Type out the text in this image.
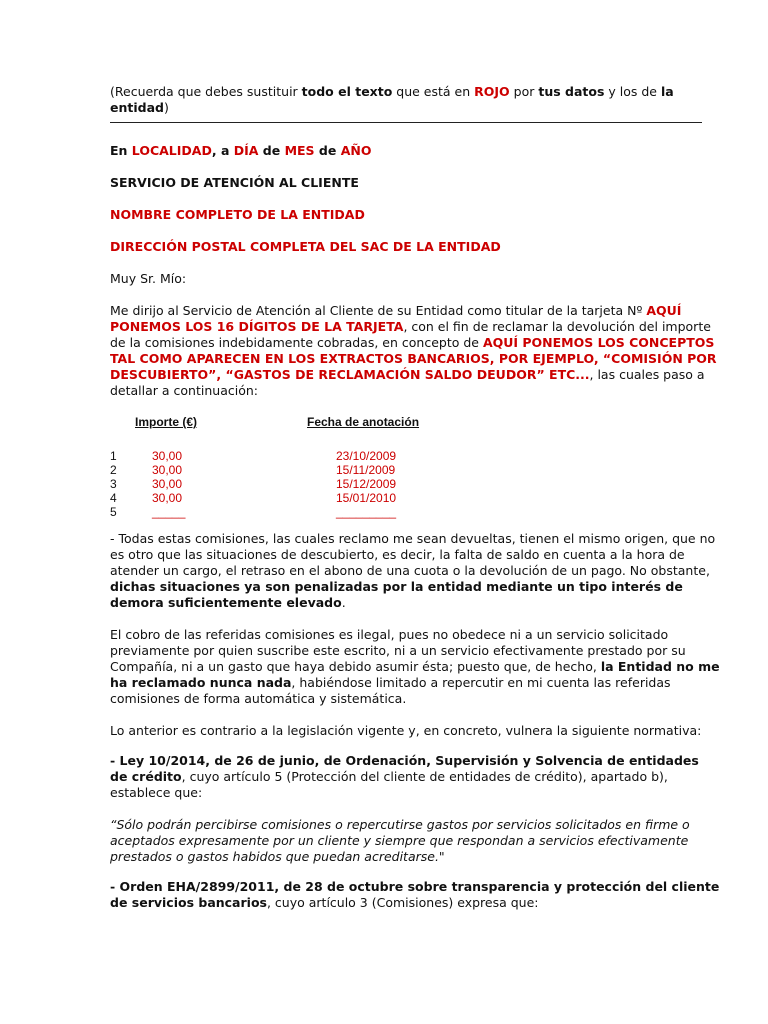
(Recuerda que debes sustituir todo el texto que está en ROJO por tus datos y los de la entidad)

En LOCALIDAD, a DÍA de MES de AÑO

SERVICIO DE ATENCIÓN AL CLIENTE

NOMBRE COMPLETO DE LA ENTIDAD

DIRECCIÓN POSTAL COMPLETA DEL SAC DE LA ENTIDAD

Muy Sr. Mío:

Me dirijo al Servicio de Atención al Cliente de su Entidad como titular de la tarjeta Nº AQUÍ PONEMOS LOS 16 DÍGITOS DE LA TARJETA, con el fin de reclamar la devolución del importe de la comisiones indebidamente cobradas, en concepto de AQUÍ PONEMOS LOS CONCEPTOS TAL COMO APARECEN EN LOS EXTRACTOS BANCARIOS, POR EJEMPLO, “COMISIÓN POR DESCUBIERTO”, “GASTOS DE RECLAMACIÓN SALDO DEUDOR” ETC..., las cuales paso a detallar a continuación:

Importe (€)	Fecha de anotación
1	30,00	23/10/2009
2	30,00	15/11/2009
3	30,00	15/12/2009
4	30,00	15/01/2010
5	_____	_________

- Todas estas comisiones, las cuales reclamo me sean devueltas, tienen el mismo origen, que no es otro que las situaciones de descubierto, es decir, la falta de saldo en cuenta a la hora de atender un cargo, el retraso en el abono de una cuota o la devolución de un pago. No obstante, dichas situaciones ya son penalizadas por la entidad mediante un tipo interés de demora suficientemente elevado.

El cobro de las referidas comisiones es ilegal, pues no obedece ni a un servicio solicitado previamente por quien suscribe este escrito, ni a un servicio efectivamente prestado por su Compañía, ni a un gasto que haya debido asumir ésta; puesto que, de hecho, la Entidad no me ha reclamado nunca nada, habiéndose limitado a repercutir en mi cuenta las referidas comisiones de forma automática y sistemática.

Lo anterior es contrario a la legislación vigente y, en concreto, vulnera la siguiente normativa:

- Ley 10/2014, de 26 de junio, de Ordenación, Supervisión y Solvencia de entidades de crédito, cuyo artículo 5 (Protección del cliente de entidades de crédito), apartado b), establece que:

“Sólo podrán percibirse comisiones o repercutirse gastos por servicios solicitados en firme o aceptados expresamente por un cliente y siempre que respondan a servicios efectivamente prestados o gastos habidos que puedan acreditarse."

- Orden EHA/2899/2011, de 28 de octubre sobre transparencia y protección del cliente de servicios bancarios, cuyo artículo 3 (Comisiones) expresa que:
